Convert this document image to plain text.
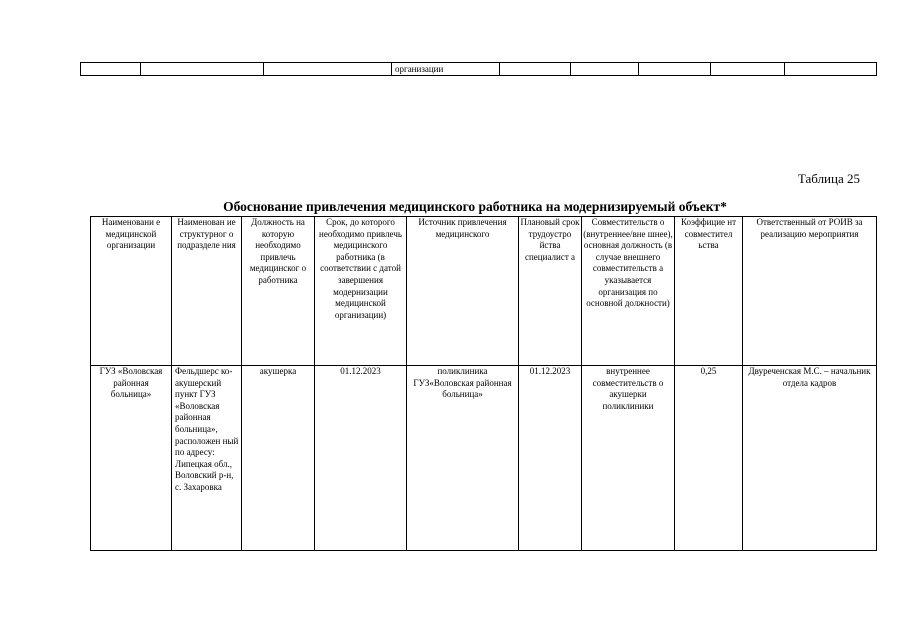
			организации					
Таблица 25
Обоснование привлечения медицинского работника на модернизируемый объект*
Наименовани е медицинской организации	Наименован ие структурног о подразделе ния	Должность на которую необходимо привлечь медицинског о работника	Срок, до которого необходимо привлечь медицинского работника (в соответствии с датой завершения модернизации медицинской организации)	Источник привлечения медицинского	Плановый срок трудоустро йства специалист а	Совместительств о (внутреннее/вне шнее), основная должность (в случае внешнего совместительств а указывается организация по основной должности)	Коэффицие нт совместител ьства	Ответственный от РОИВ за реализацию мероприятия
ГУЗ «Воловская районная больница»	Фельдшерс ко-акушерский пункт ГУЗ «Воловская районная больница», расположен ный по адресу: Липецкая обл., Воловский р-н, с. Захаровка	акушерка	01.12.2023	поликлиника ГУЗ«Воловская районная больница»	01.12.2023	внутреннее совместительств о акушерки поликлиники	0,25	Двуреченская М.С. – начальник отдела кадров
